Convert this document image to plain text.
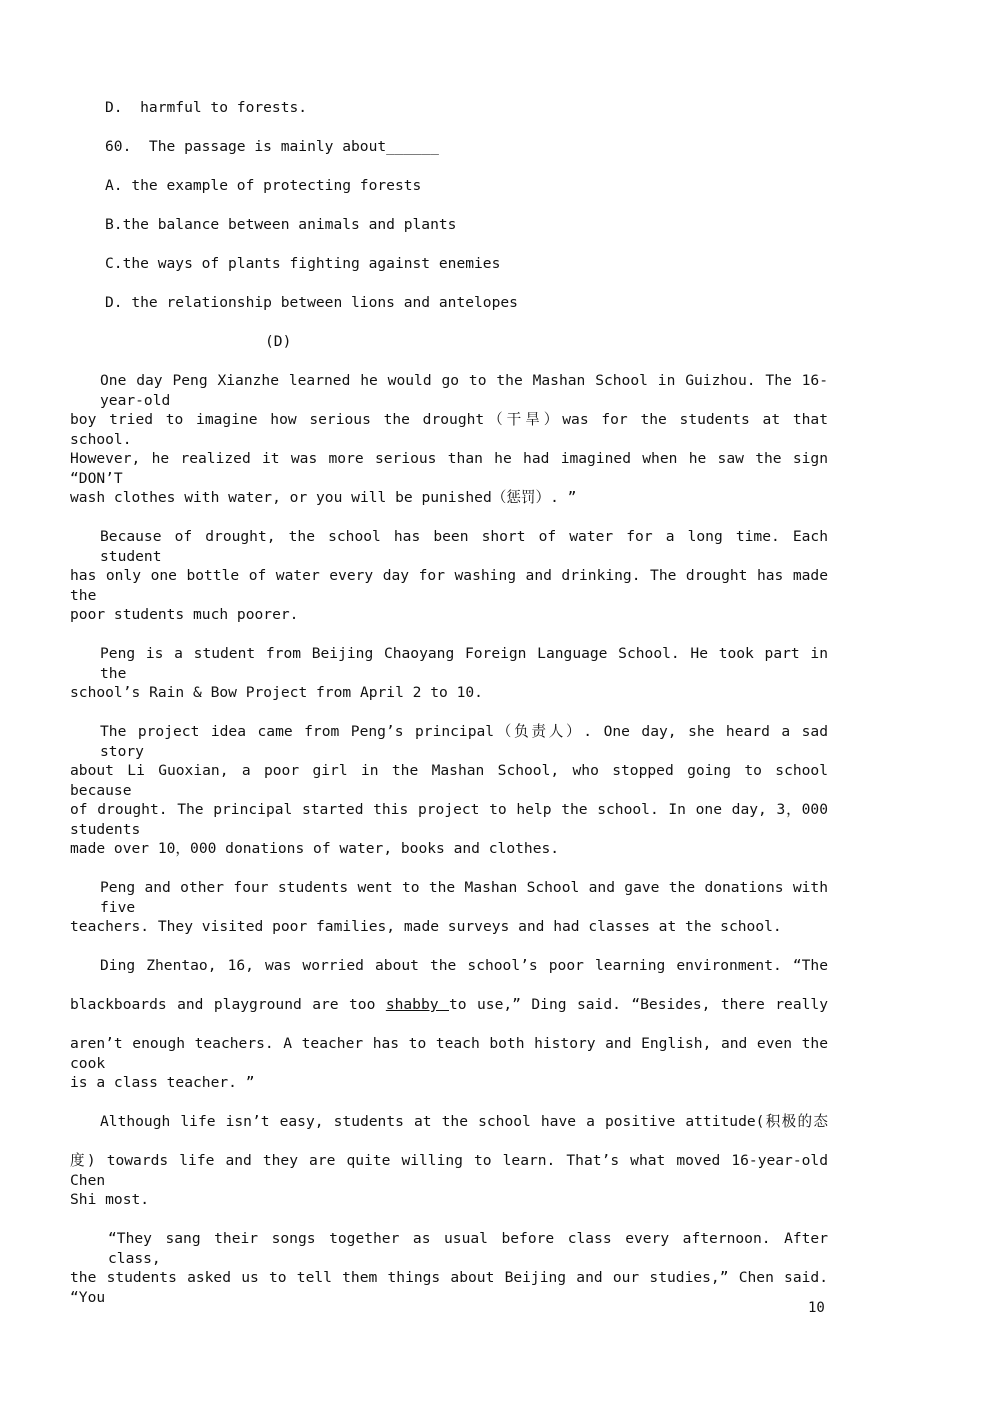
D.  harmful to forests.
60.  The passage is mainly about______
A. the example of protecting forests
B.the balance between animals and plants
C.the ways of plants fighting against enemies
D. the relationship between lions and antelopes
(D)
One day Peng Xianzhe learned he would go to the Mashan School in Guizhou. The 16-year-old
boy tried to imagine how serious the drought（干旱）was for the students at that school.
However, he realized it was more serious than he had imagined when he saw the sign “DON’T
wash clothes with water, or you will be punished（惩罚）. ”
Because of drought, the school has been short of water for a long time. Each student
has only one bottle of water every day for washing and drinking. The drought has made the
poor students much poorer.
Peng is a student from Beijing Chaoyang Foreign Language School. He took part in the
school’s Rain & Bow Project from April 2 to 10.
The project idea came from Peng’s principal（负责人）. One day, she heard a sad story
about Li Guoxian, a poor girl in the Mashan School, who stopped going to school because
of drought. The principal started this project to help the school. In one day, 3，000 students
made over 10，000 donations of water, books and clothes.
Peng and other four students went to the Mashan School and gave the donations with five
teachers. They visited poor families, made surveys and had classes at the school.
Ding Zhentao, 16, was worried about the school’s poor learning environment. “The
blackboards and playground are too shabby to use,” Ding said. “Besides, there really
aren’t enough teachers. A teacher has to teach both history and English, and even the cook
is a class teacher. ”
Although life isn’t easy, students at the school have a positive attitude(积极的态
度) towards life and they are quite willing to learn. That’s what moved 16-year-old Chen
Shi most.
“They sang their songs together as usual before class every afternoon. After class,
the students asked us to tell them things about Beijing and our studies,” Chen said. “You
10
